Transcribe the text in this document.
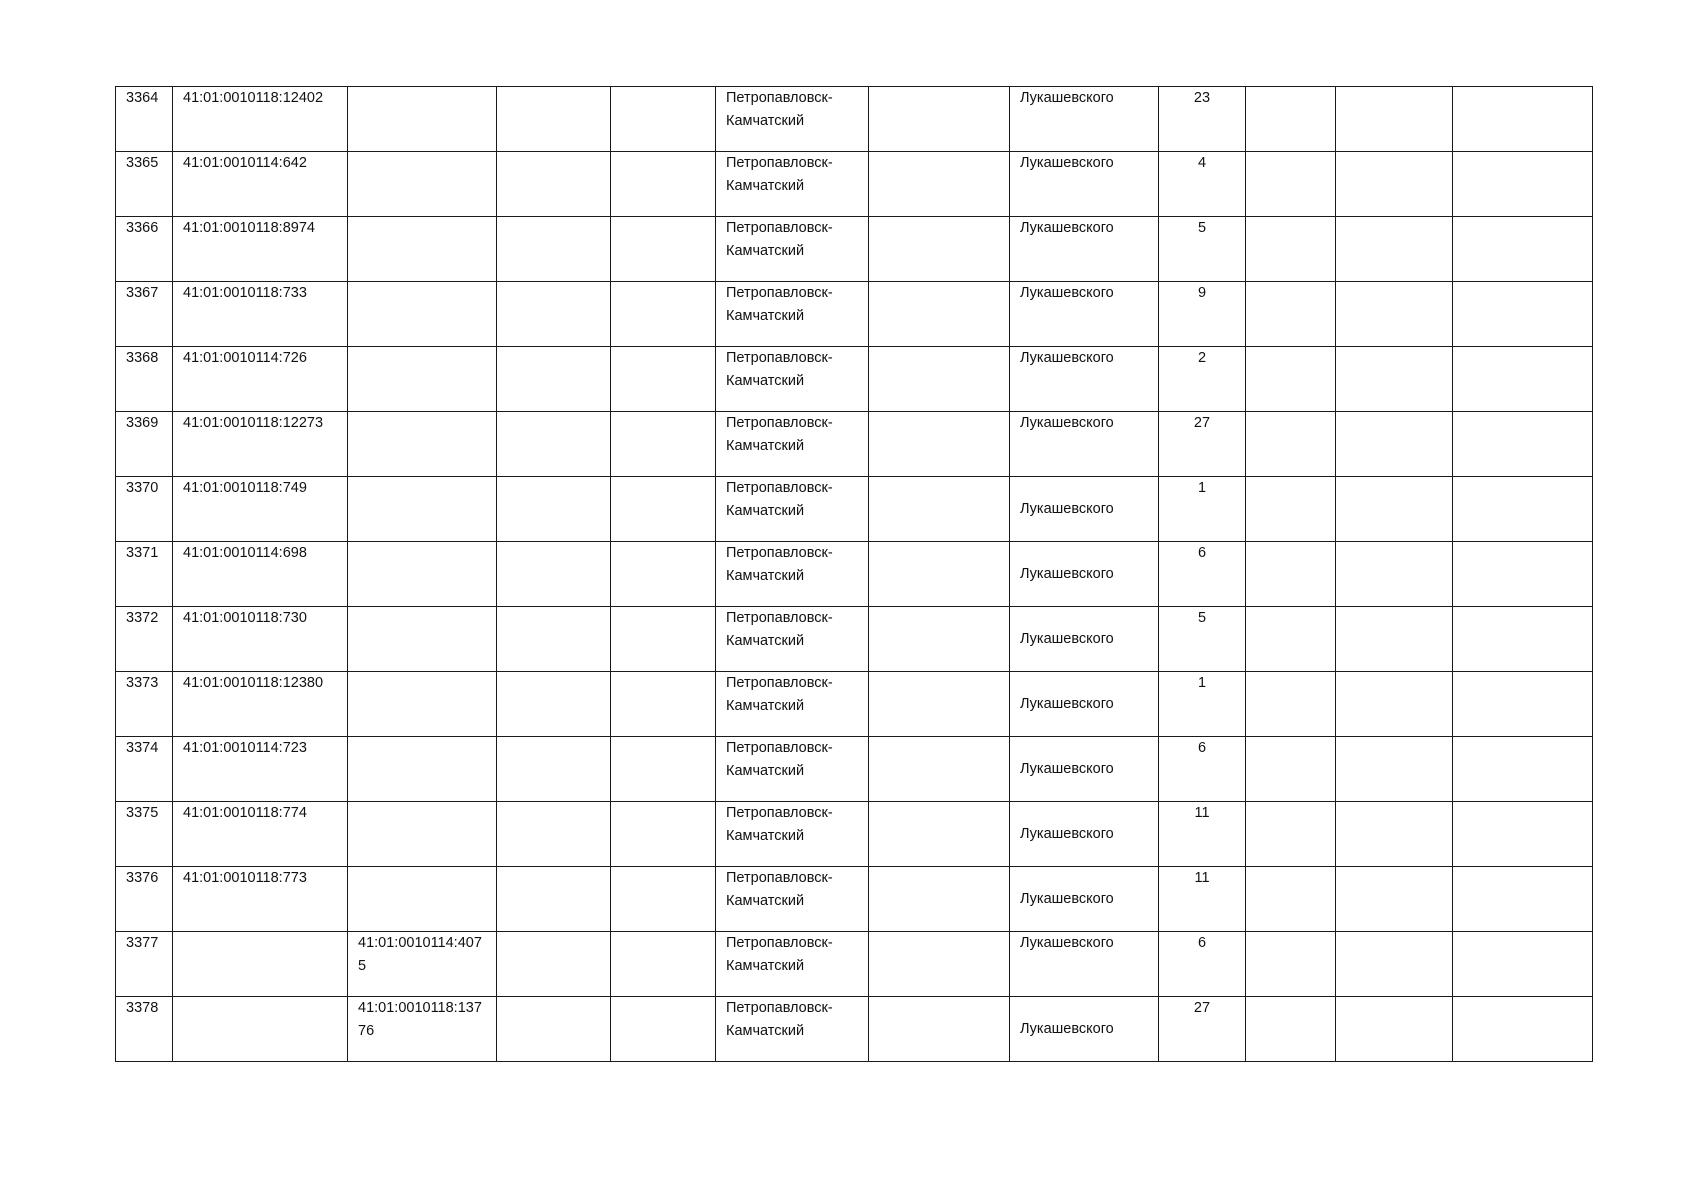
3364	41:01:0010118:12402				Петропавловск-Камчатский		Лукашевского	23			

3365	41:01:0010114:642				Петропавловск-Камчатский		Лукашевского	4			

3366	41:01:0010118:8974				Петропавловск-Камчатский		Лукашевского	5			

3367	41:01:0010118:733				Петропавловск-Камчатский		Лукашевского	9			

3368	41:01:0010114:726				Петропавловск-Камчатский		Лукашевского	2			

3369	41:01:0010118:12273				Петропавловск-Камчатский		Лукашевского	27			

3370	41:01:0010118:749				Петропавловск-Камчатский		Лукашевского	1			

3371	41:01:0010114:698				Петропавловск-Камчатский		Лукашевского	6			

3372	41:01:0010118:730				Петропавловск-Камчатский		Лукашевского	5			

3373	41:01:0010118:12380				Петропавловск-Камчатский		Лукашевского	1			

3374	41:01:0010114:723				Петропавловск-Камчатский		Лукашевского	6			

3375	41:01:0010118:774				Петропавловск-Камчатский		Лукашевского	11			

3376	41:01:0010118:773				Петропавловск-Камчатский		Лукашевского	11			

3377		41:01:0010114:4075			Петропавловск-Камчатский		Лукашевского	6			

3378		41:01:0010118:13776			Петропавловск-Камчатский		Лукашевского	27			
